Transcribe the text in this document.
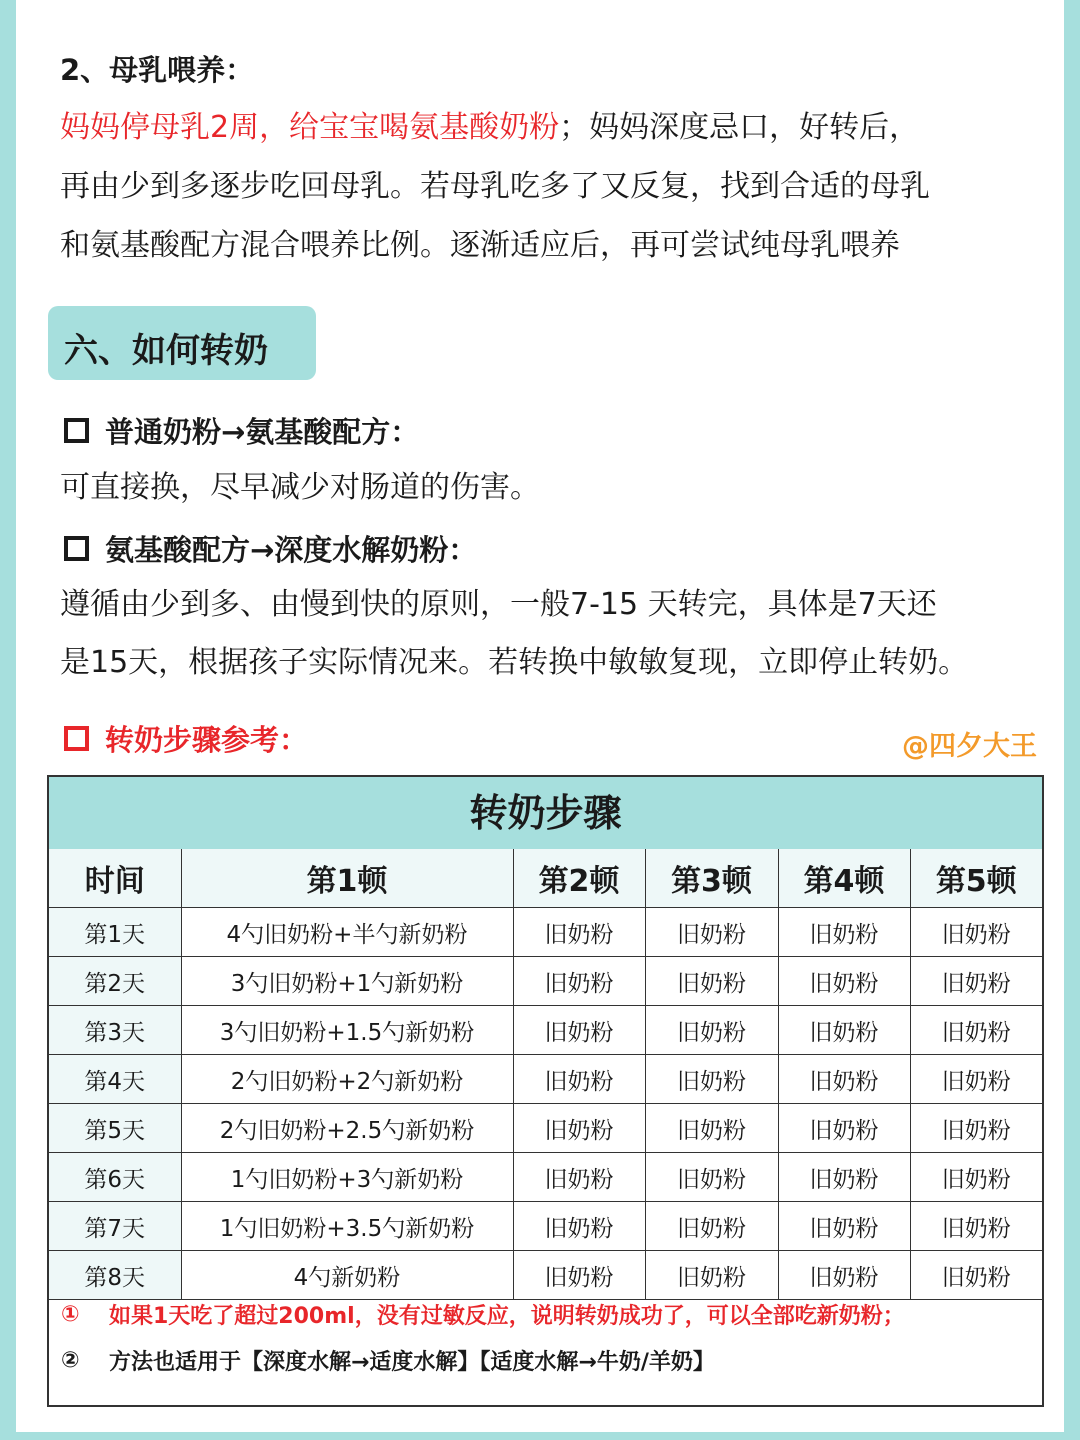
2、母乳喂养：
妈妈停母乳2周，给宝宝喝氨基酸奶粉；妈妈深度忌口，好转后，
再由少到多逐步吃回母乳。若母乳吃多了又反复，找到合适的母乳
和氨基酸配方混合喂养比例。逐渐适应后，再可尝试纯母乳喂养
六、如何转奶
普通奶粉→氨基酸配方：
可直接换，尽早减少对肠道的伤害。
氨基酸配方→深度水解奶粉：
遵循由少到多、由慢到快的原则，一般7-15 天转完，具体是7天还
是15天，根据孩子实际情况来。若转换中敏敏复现，立即停止转奶。
转奶步骤参考：	@四夕大王
转奶步骤
时间	第1顿	第2顿	第3顿	第4顿	第5顿
第1天	4勺旧奶粉+半勺新奶粉	旧奶粉	旧奶粉	旧奶粉	旧奶粉
第2天	3勺旧奶粉+1勺新奶粉	旧奶粉	旧奶粉	旧奶粉	旧奶粉
第3天	3勺旧奶粉+1.5勺新奶粉	旧奶粉	旧奶粉	旧奶粉	旧奶粉
第4天	2勺旧奶粉+2勺新奶粉	旧奶粉	旧奶粉	旧奶粉	旧奶粉
第5天	2勺旧奶粉+2.5勺新奶粉	旧奶粉	旧奶粉	旧奶粉	旧奶粉
第6天	1勺旧奶粉+3勺新奶粉	旧奶粉	旧奶粉	旧奶粉	旧奶粉
第7天	1勺旧奶粉+3.5勺新奶粉	旧奶粉	旧奶粉	旧奶粉	旧奶粉
第8天	4勺新奶粉	旧奶粉	旧奶粉	旧奶粉	旧奶粉
①	如果1天吃了超过200ml，没有过敏反应，说明转奶成功了，可以全部吃新奶粉；
②	方法也适用于【深度水解→适度水解】【适度水解→牛奶/羊奶】
